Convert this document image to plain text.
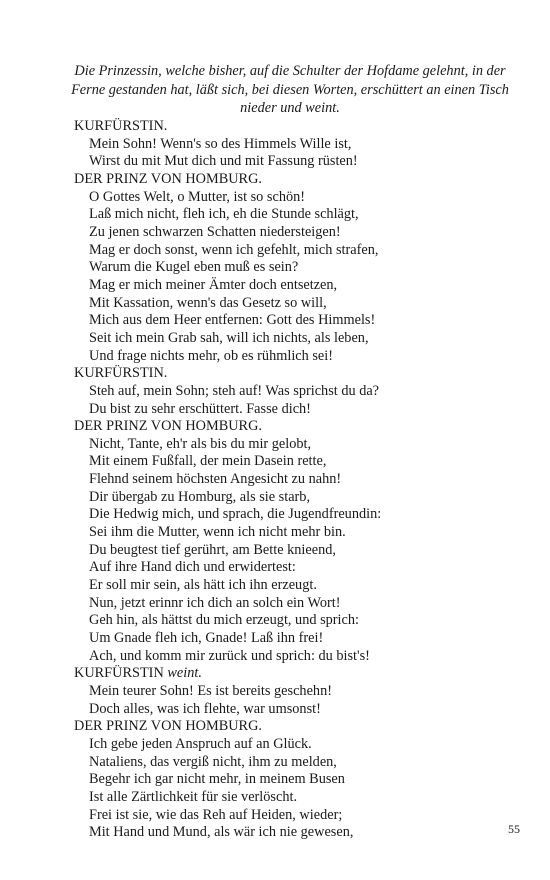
Die Prinzessin, welche bisher, auf die Schulter der Hofdame gelehnt, in der Ferne gestanden hat, läßt sich, bei diesen Worten, erschüttert an einen Tisch nieder und weint.

KURFÜRSTIN.

Mein Sohn! Wenn's so des Himmels Wille ist,

Wirst du mit Mut dich und mit Fassung rüsten!

DER PRINZ VON HOMBURG.

O Gottes Welt, o Mutter, ist so schön!

Laß mich nicht, fleh ich, eh die Stunde schlägt,

Zu jenen schwarzen Schatten niedersteigen!

Mag er doch sonst, wenn ich gefehlt, mich strafen,

Warum die Kugel eben muß es sein?

Mag er mich meiner Ämter doch entsetzen,

Mit Kassation, wenn's das Gesetz so will,

Mich aus dem Heer entfernen: Gott des Himmels!

Seit ich mein Grab sah, will ich nichts, als leben,

Und frage nichts mehr, ob es rühmlich sei!

KURFÜRSTIN.

Steh auf, mein Sohn; steh auf! Was sprichst du da?

Du bist zu sehr erschüttert. Fasse dich!

DER PRINZ VON HOMBURG.

Nicht, Tante, eh'r als bis du mir gelobt,

Mit einem Fußfall, der mein Dasein rette,

Flehnd seinem höchsten Angesicht zu nahn!

Dir übergab zu Homburg, als sie starb,

Die Hedwig mich, und sprach, die Jugendfreundin:

Sei ihm die Mutter, wenn ich nicht mehr bin.

Du beugtest tief gerührt, am Bette knieend,

Auf ihre Hand dich und erwidertest:

Er soll mir sein, als hätt ich ihn erzeugt.

Nun, jetzt erinnr ich dich an solch ein Wort!

Geh hin, als hättst du mich erzeugt, und sprich:

Um Gnade fleh ich, Gnade! Laß ihn frei!

Ach, und komm mir zurück und sprich: du bist's!

KURFÜRSTIN weint.

Mein teurer Sohn! Es ist bereits geschehn!

Doch alles, was ich flehte, war umsonst!

DER PRINZ VON HOMBURG.

Ich gebe jeden Anspruch auf an Glück.

Nataliens, das vergiß nicht, ihm zu melden,

Begehr ich gar nicht mehr, in meinem Busen

Ist alle Zärtlichkeit für sie verlöscht.

Frei ist sie, wie das Reh auf Heiden, wieder;

Mit Hand und Mund, als wär ich nie gewesen,	55
